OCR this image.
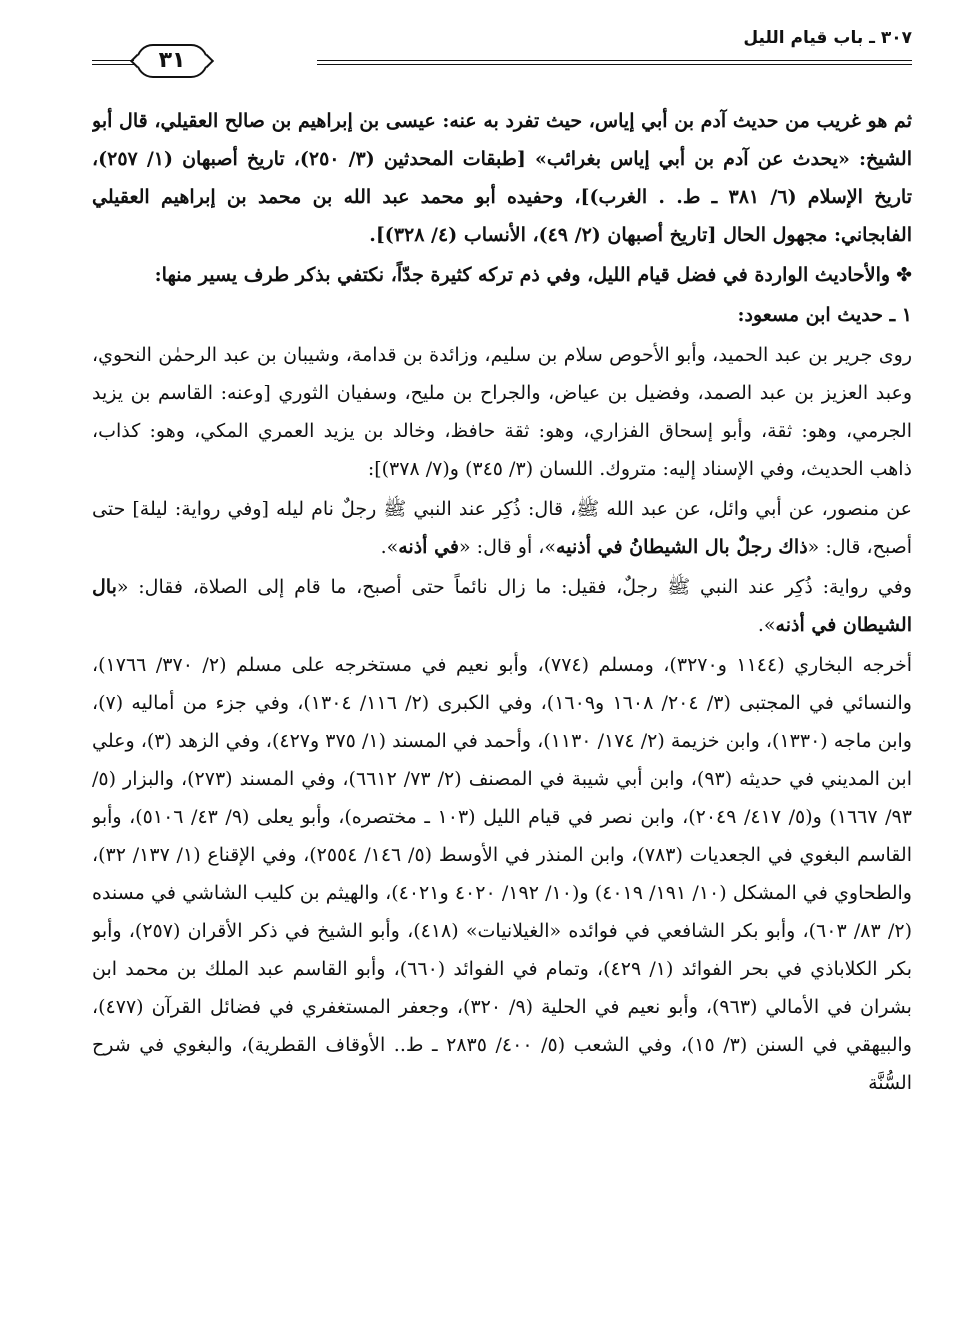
٣٠٧ ـ باب قيام الليل
٣١

ثم هو غريب من حديث آدم بن أبي إياس، حيث تفرد به عنه: عيسى بن إبراهيم بن صالح العقيلي، قال أبو الشيخ: «يحدث عن آدم بن أبي إياس بغرائب» [طبقات المحدثين (٣/ ٢٥٠)، تاريخ أصبهان (١/ ٢٥٧)، تاريخ الإسلام (٦/ ٣٨١ ـ ط. . الغرب)]، وحفيده أبو محمد عبد الله بن محمد بن إبراهيم العقيلي الفابجاني: مجهول الحال [تاريخ أصبهان (٢/ ٤٩)، الأنساب (٤/ ٣٢٨)].

✤والأحاديث الواردة في فضل قيام الليل، وفي ذم تركه كثيرة جدّاً، نكتفي بذكر طرف يسير منها:

١ ـ حديث ابن مسعود:

روى جرير بن عبد الحميد، وأبو الأحوص سلام بن سليم، وزائدة بن قدامة، وشيبان بن عبد الرحمٰن النحوي، وعبد العزيز بن عبد الصمد، وفضيل بن عياض، والجراح بن مليح، وسفيان الثوري [وعنه: القاسم بن يزيد الجرمي، وهو: ثقة، وأبو إسحاق الفزاري، وهو: ثقة حافظ، وخالد بن يزيد العمري المكي، وهو: كذاب، ذاهب الحديث، وفي الإسناد إليه: متروك. اللسان (٣/ ٣٤٥) و(٧/ ٣٧٨)]:

عن منصور، عن أبي وائل، عن عبد الله ﷺ، قال: ذُكِر عند النبي ﷺ رجلٌ نام ليله [وفي رواية: ليلة] حتى أصبح، قال: «ذاك رجلٌ بال الشيطانُ في أذنيه»، أو قال: «في أذنه».

وفي رواية: ذُكِر عند النبي ﷺ رجلٌ، فقيل: ما زال نائماً حتى أصبح، ما قام إلى الصلاة، فقال: «بال الشيطان في أذنه».

أخرجه البخاري (١١٤٤ و٣٢٧٠)، ومسلم (٧٧٤)، وأبو نعيم في مستخرجه على مسلم (٢/ ٣٧٠/ ١٧٦٦)، والنسائي في المجتبى (٣/ ٢٠٤/ ١٦٠٨ و١٦٠٩)، وفي الكبرى (٢/ ١١٦/ ١٣٠٤)، وفي جزء من أماليه (٧)، وابن ماجه (١٣٣٠)، وابن خزيمة (٢/ ١٧٤/ ١١٣٠)، وأحمد في المسند (١/ ٣٧٥ و٤٢٧)، وفي الزهد (٣)، وعلي ابن المديني في حديثه (٩٣)، وابن أبي شيبة في المصنف (٢/ ٧٣/ ٦٦١٢)، وفي المسند (٢٧٣)، والبزار (٥/ ٩٣/ ١٦٦٧) و(٥/ ٤١٧/ ٢٠٤٩)، وابن نصر في قيام الليل (١٠٣ ـ مختصره)، وأبو يعلى (٩/ ٤٣/ ٥١٠٦)، وأبو القاسم البغوي في الجعديات (٧٨٣)، وابن المنذر في الأوسط (٥/ ١٤٦/ ٢٥٥٤)، وفي الإقناع (١/ ١٣٧/ ٣٢)، والطحاوي في المشكل (١٠/ ١٩١/ ٤٠١٩) و(١٠/ ١٩٢/ ٤٠٢٠ و٤٠٢١)، والهيثم بن كليب الشاشي في مسنده (٢/ ٨٣/ ٦٠٣)، وأبو بكر الشافعي في فوائده «الغيلانيات» (٤١٨)، وأبو الشيخ في ذكر الأقران (٢٥٧)، وأبو بكر الكلاباذي في بحر الفوائد (١/ ٤٢٩)، وتمام في الفوائد (٦٦٠)، وأبو القاسم عبد الملك بن محمد ابن بشران في الأمالي (٩٦٣)، وأبو نعيم في الحلية (٩/ ٣٢٠)، وجعفر المستغفري في فضائل القرآن (٤٧٧)، والبيهقي في السنن (٣/ ١٥)، وفي الشعب (٥/ ٤٠٠/ ٢٨٣٥ ـ ط.. الأوقاف القطرية)، والبغوي في شرح السُّنَّة
